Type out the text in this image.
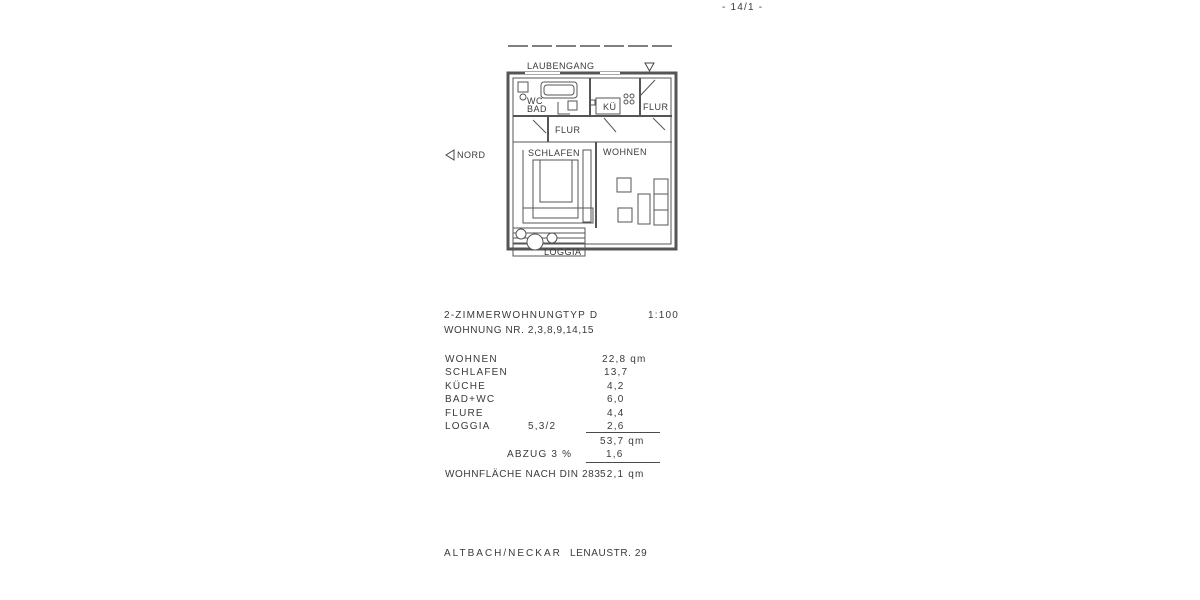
- 14/1 -
LAUBENGANG
WC
BAD	KÜ	FLUR
FLUR
SCHLAFEN	WOHNEN
LOGGIA
NORD
2-ZIMMERWOHNUNG
TYP D	1:100
WOHNUNG NR. 2,3,8,9,14,15
WOHNEN	22,8 qm
SCHLAFEN	13,7
KÜCHE	4,2
BAD+WC	6,0
FLURE	4,4
LOGGIA	5,3/2	2,6
53,7 qm
ABZUG 3 %	1,6
WOHNFLÄCHE NACH DIN 283 52,1 qm
ALTBACH/NECKAR LENAUSTR. 29
